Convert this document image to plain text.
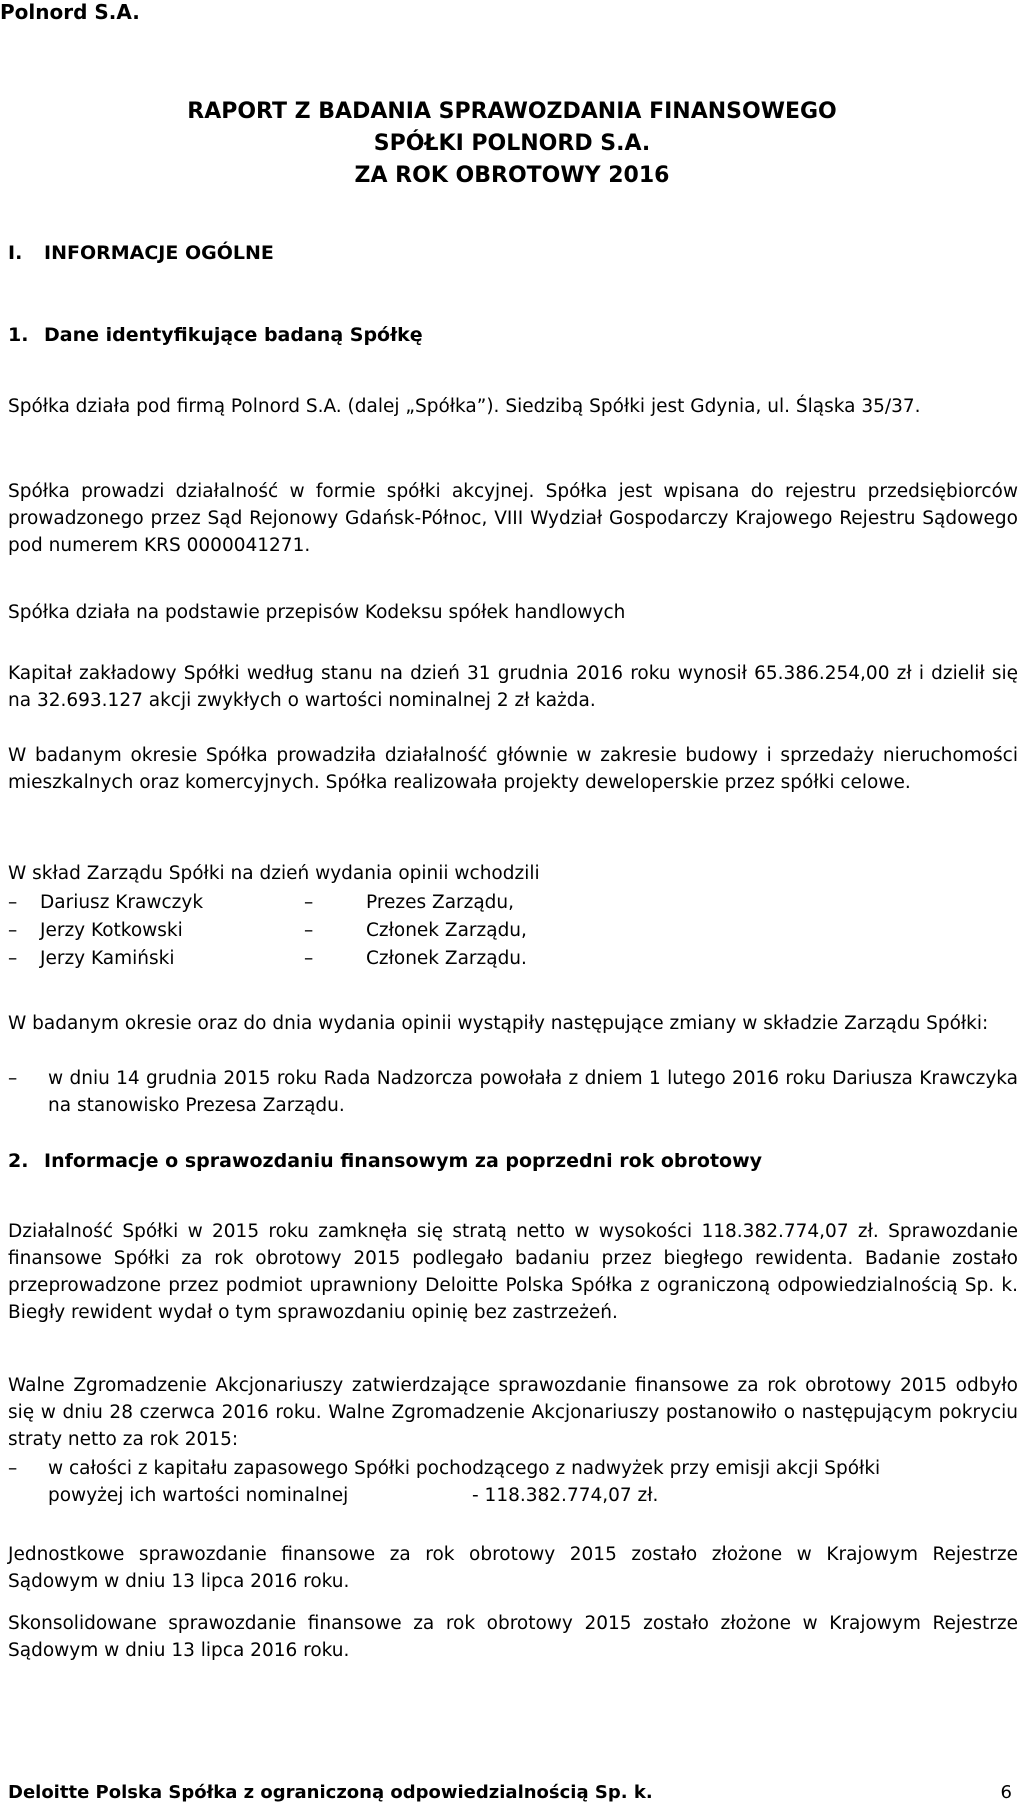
Polnord S.A.
RAPORT Z BADANIA SPRAWOZDANIA FINANSOWEGO
SPÓŁKI POLNORD S.A.
ZA ROK OBROTOWY 2016
I. INFORMACJE OGÓLNE
1. Dane identyfikujące badaną Spółkę
Spółka działa pod firmą Polnord S.A. (dalej „Spółka”). Siedzibą Spółki jest Gdynia, ul. Śląska 35/37.
Spółka prowadzi działalność w formie spółki akcyjnej. Spółka jest wpisana do rejestru przedsiębiorców prowadzonego przez Sąd Rejonowy Gdańsk-Północ, VIII Wydział Gospodarczy Krajowego Rejestru Sądowego pod numerem KRS 0000041271.
Spółka działa na podstawie przepisów Kodeksu spółek handlowych
Kapitał zakładowy Spółki według stanu na dzień 31 grudnia 2016 roku wynosił 65.386.254,00 zł i dzielił się na 32.693.127 akcji zwykłych o wartości nominalnej 2 zł każda.
W badanym okresie Spółka prowadziła działalność głównie w zakresie budowy i sprzedaży nieruchomości mieszkalnych oraz komercyjnych. Spółka realizowała projekty deweloperskie przez spółki celowe.
W skład Zarządu Spółki na dzień wydania opinii wchodzili
– Dariusz Krawczyk	–	Prezes Zarządu,
– Jerzy Kotkowski	–	Członek Zarządu,
– Jerzy Kamiński	–	Członek Zarządu.
W badanym okresie oraz do dnia wydania opinii wystąpiły następujące zmiany w składzie Zarządu Spółki:
– w dniu 14 grudnia 2015 roku Rada Nadzorcza powołała z dniem 1 lutego 2016 roku Dariusza Krawczyka na stanowisko Prezesa Zarządu.
2. Informacje o sprawozdaniu finansowym za poprzedni rok obrotowy
Działalność Spółki w 2015 roku zamknęła się stratą netto w wysokości 118.382.774,07 zł. Sprawozdanie finansowe Spółki za rok obrotowy 2015 podlegało badaniu przez biegłego rewidenta. Badanie zostało przeprowadzone przez podmiot uprawniony Deloitte Polska Spółka z ograniczoną odpowiedzialnością Sp. k. Biegły rewident wydał o tym sprawozdaniu opinię bez zastrzeżeń.
Walne Zgromadzenie Akcjonariuszy zatwierdzające sprawozdanie finansowe za rok obrotowy 2015 odbyło się w dniu 28 czerwca 2016 roku. Walne Zgromadzenie Akcjonariuszy postanowiło o następującym pokryciu straty netto za rok 2015:
– w całości z kapitału zapasowego Spółki pochodzącego z nadwyżek przy emisji akcji Spółki
powyżej ich wartości nominalnej	- 118.382.774,07 zł.
Jednostkowe sprawozdanie finansowe za rok obrotowy 2015 zostało złożone w Krajowym Rejestrze Sądowym w dniu 13 lipca 2016 roku.
Skonsolidowane sprawozdanie finansowe za rok obrotowy 2015 zostało złożone w Krajowym Rejestrze Sądowym w dniu 13 lipca 2016 roku.
Deloitte Polska Spółka z ograniczoną odpowiedzialnością Sp. k.	6
